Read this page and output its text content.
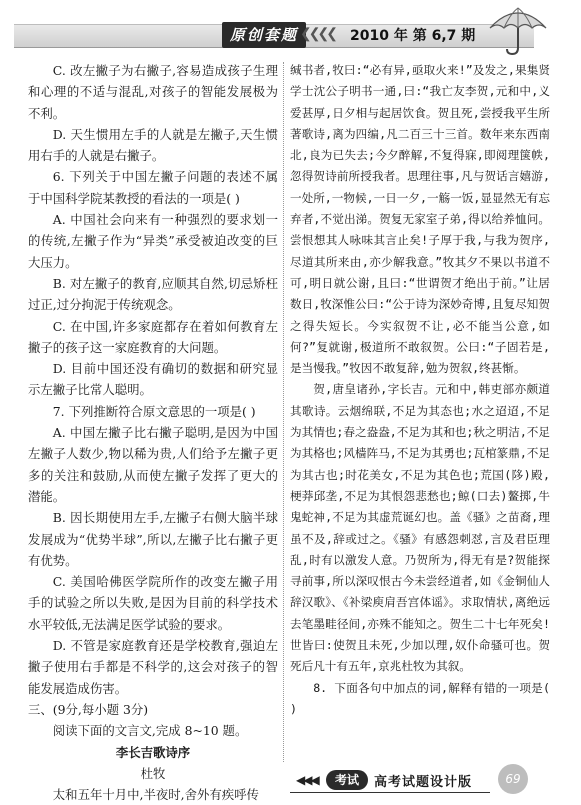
原创套题 ❮❮❮❮ 2010 年 第 6,7 期

C. 改左撇子为右撇子,容易造成孩子生理和心理的不适与混乱,对孩子的智能发展极为不利。

D. 天生惯用左手的人就是左撇子,天生惯用右手的人就是右撇子。

6. 下列关于中国左撇子问题的表述不属于中国科学院某教授的看法的一项是( )

A. 中国社会向来有一种强烈的要求划一的传统,左撇子作为“异类”承受被迫改变的巨大压力。

B. 对左撇子的教育,应顺其自然,切忌矫枉过正,过分拘泥于传统观念。

C. 在中国,许多家庭都存在着如何教育左撇子的孩子这一家庭教育的大问题。

D. 目前中国还没有确切的数据和研究显示左撇子比常人聪明。

7. 下列推断符合原文意思的一项是( )

A. 中国左撇子比右撇子聪明,是因为中国左撇子人数少,物以稀为贵,人们给予左撇子更多的关注和鼓励,从而使左撇子发挥了更大的潜能。

B. 因长期使用左手,左撇子右侧大脑半球发展成为“优势半球”,所以,左撇子比右撇子更有优势。

C. 美国哈佛医学院所作的改变左撇子用手的试验之所以失败,是因为目前的科学技术水平较低,无法满足医学试验的要求。

D. 不管是家庭教育还是学校教育,强迫左撇子使用右手都是不科学的,这会对孩子的智能发展造成伤害。

三、(9分,每小题 3分)

阅读下面的文言文,完成 8~10 题。

李长吉歌诗序

杜牧

太和五年十月中,半夜时,舍外有疾呼传

缄书者,牧曰:“必有异,亟取火来!”及发之,果集贤学士沈公子明书一通,曰:“我亡友李贺,元和中,义爱甚厚,日夕相与起居饮食。贺且死,尝授我平生所著歌诗,离为四编,凡二百三十三首。数年来东西南北,良为已失去;今夕醉解,不复得寐,即阅理箧帙,忽得贺诗前所授我者。思理往事,凡与贺话言嬉游,一处所,一物候,一日一夕,一觞一饭,显显然无有忘弃者,不觉出涕。贺复无家室子弟,得以给养恤问。尝恨想其人咏味其言止矣!子厚于我,与我为贺序,尽道其所来由,亦少解我意。”牧其夕不果以书道不可,明日就公谢,且曰:“世谓贺才绝出于前。”让居数日,牧深惟公曰:“公于诗为深妙奇博,且复尽知贺之得失短长。今实叙贺不让,必不能当公意,如何?”复就谢,极道所不敢叙贺。公曰:“子固若是,是当慢我。”牧因不敢复辞,勉为贺叙,终甚惭。

贺,唐皇诸孙,字长吉。元和中,韩吏部亦颇道其歌诗。云烟绵联,不足为其态也;水之迢迢,不足为其情也;春之盎盎,不足为其和也;秋之明洁,不足为其格也;风樯阵马,不足为其勇也;瓦棺篆鼎,不足为其古也;时花美女,不足为其色也;荒国(陊)殿,梗莽邱垄,不足为其恨怨悲愁也;鲸(口去)鳌掷,牛鬼蛇神,不足为其虚荒诞幻也。盖《骚》之苗裔,理虽不及,辞或过之。《骚》有感怨刺怼,言及君臣理乱,时有以激发人意。乃贺所为,得无有是?贺能探寻前事,所以深叹恨古今未尝经道者,如《金铜仙人辞汉歌》、《补梁庾肩吾宫体谣》。求取情状,离绝远去笔墨畦径间,亦殊不能知之。贺生二十七年死矣!世皆曰:使贺且未死,少加以理,奴仆命骚可也。贺死后凡十有五年,京兆杜牧为其叙。

8. 下面各句中加点的词,解释有错的一项是( )

◀◀◀	考试	高考试题设计版	69
